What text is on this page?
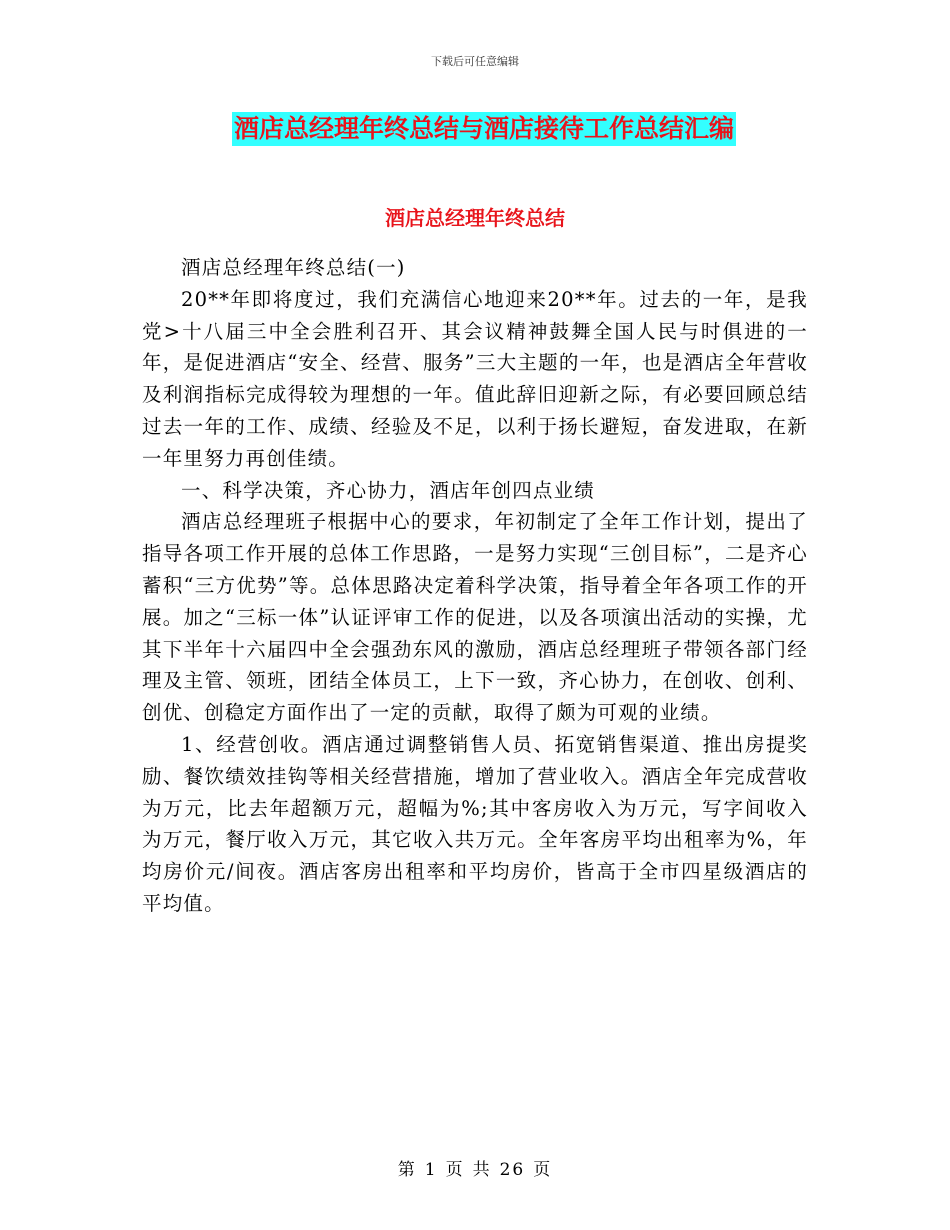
下载后可任意编辑
酒店总经理年终总结与酒店接待工作总结汇编
酒店总经理年终总结

酒店总经理年终总结(一)

20**年即将度过，我们充满信心地迎来20**年。过去的一年，是我党>十八届三中全会胜利召开、其会议精神鼓舞全国人民与时俱进的一年，是促进酒店“安全、经营、服务”三大主题的一年，也是酒店全年营收及利润指标完成得较为理想的一年。值此辞旧迎新之际，有必要回顾总结过去一年的工作、成绩、经验及不足，以利于扬长避短，奋发进取，在新一年里努力再创佳绩。

一、科学决策，齐心协力，酒店年创四点业绩

酒店总经理班子根据中心的要求，年初制定了全年工作计划，提出了指导各项工作开展的总体工作思路，一是努力实现“三创目标”，二是齐心蓄积“三方优势”等。总体思路决定着科学决策，指导着全年各项工作的开展。加之“三标一体”认证评审工作的促进，以及各项演出活动的实操，尤其下半年十六届四中全会强劲东风的激励，酒店总经理班子带领各部门经理及主管、领班，团结全体员工，上下一致，齐心协力，在创收、创利、创优、创稳定方面作出了一定的贡献，取得了颇为可观的业绩。

1、经营创收。酒店通过调整销售人员、拓宽销售渠道、推出房提奖励、餐饮绩效挂钩等相关经营措施，增加了营业收入。酒店全年完成营收为万元，比去年超额万元，超幅为%;其中客房收入为万元，写字间收入为万元，餐厅收入万元，其它收入共万元。全年客房平均出租率为%，年均房价元/间夜。酒店客房出租率和平均房价，皆高于全市四星级酒店的平均值。

第 1 页 共 26 页
